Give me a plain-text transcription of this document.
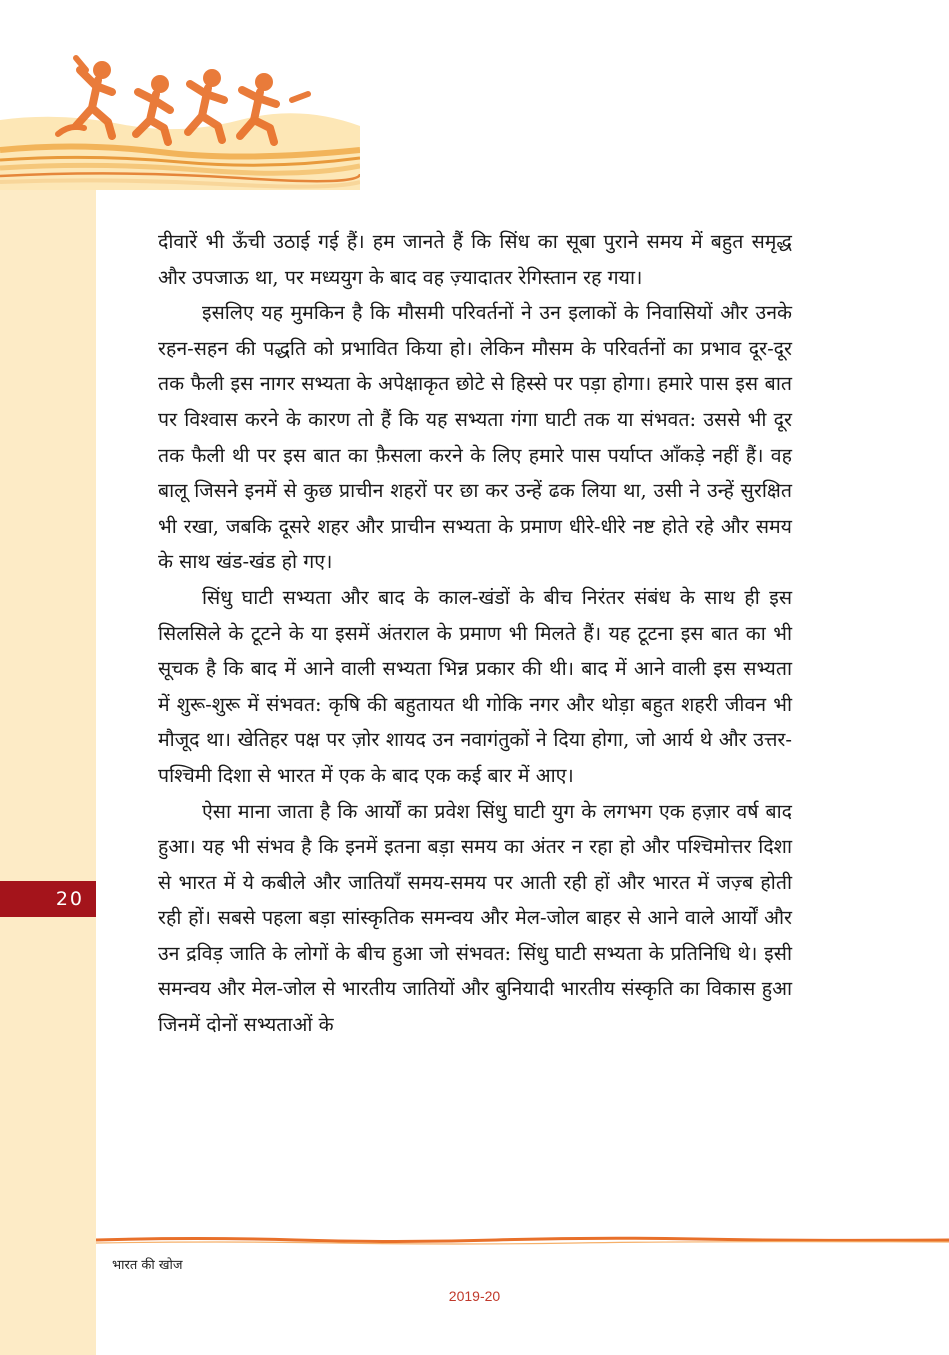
दीवारें भी ऊँची उठाई गई हैं। हम जानते हैं कि सिंध का सूबा पुराने समय में बहुत समृद्ध और उपजाऊ था, पर मध्ययुग के बाद वह ज़्यादातर रेगिस्तान रह गया।

इसलिए यह मुमकिन है कि मौसमी परिवर्तनों ने उन इलाकों के निवासियों और उनके रहन-सहन की पद्धति को प्रभावित किया हो। लेकिन मौसम के परिवर्तनों का प्रभाव दूर-दूर तक फैली इस नागर सभ्यता के अपेक्षाकृत छोटे से हिस्से पर पड़ा होगा। हमारे पास इस बात पर विश्वास करने के कारण तो हैं कि यह सभ्यता गंगा घाटी तक या संभवत: उससे भी दूर तक फैली थी पर इस बात का फ़ैसला करने के लिए हमारे पास पर्याप्त आँकड़े नहीं हैं। वह बालू जिसने इनमें से कुछ प्राचीन शहरों पर छा कर उन्हें ढक लिया था, उसी ने उन्हें सुरक्षित भी रखा, जबकि दूसरे शहर और प्राचीन सभ्यता के प्रमाण धीरे-धीरे नष्ट होते रहे और समय के साथ खंड-खंड हो गए।

सिंधु घाटी सभ्यता और बाद के काल-खंडों के बीच निरंतर संबंध के साथ ही इस सिलसिले के टूटने के या इसमें अंतराल के प्रमाण भी मिलते हैं। यह टूटना इस बात का भी सूचक है कि बाद में आने वाली सभ्यता भिन्न प्रकार की थी। बाद में आने वाली इस सभ्यता में शुरू-शुरू में संभवत: कृषि की बहुतायत थी गोकि नगर और थोड़ा बहुत शहरी जीवन भी मौजूद था। खेतिहर पक्ष पर ज़ोर शायद उन नवागंतुकों ने दिया होगा, जो आर्य थे और उत्तर-पश्चिमी दिशा से भारत में एक के बाद एक कई बार में आए।

ऐसा माना जाता है कि आर्यों का प्रवेश सिंधु घाटी युग के लगभग एक हज़ार वर्ष बाद हुआ। यह भी संभव है कि इनमें इतना बड़ा समय का अंतर न रहा हो और पश्चिमोत्तर दिशा से भारत में ये कबीले और जातियाँ समय-समय पर आती रही हों और भारत में जज़्ब होती रही हों। सबसे पहला बड़ा सांस्कृतिक समन्वय और मेल-जोल बाहर से आने वाले आर्यों और उन द्रविड़ जाति के लोगों के बीच हुआ जो संभवत: सिंधु घाटी सभ्यता के प्रतिनिधि थे। इसी समन्वय और मेल-जोल से भारतीय जातियों और बुनियादी भारतीय संस्कृति का विकास हुआ जिनमें दोनों सभ्यताओं के

20
भारत की खोज
2019-20
